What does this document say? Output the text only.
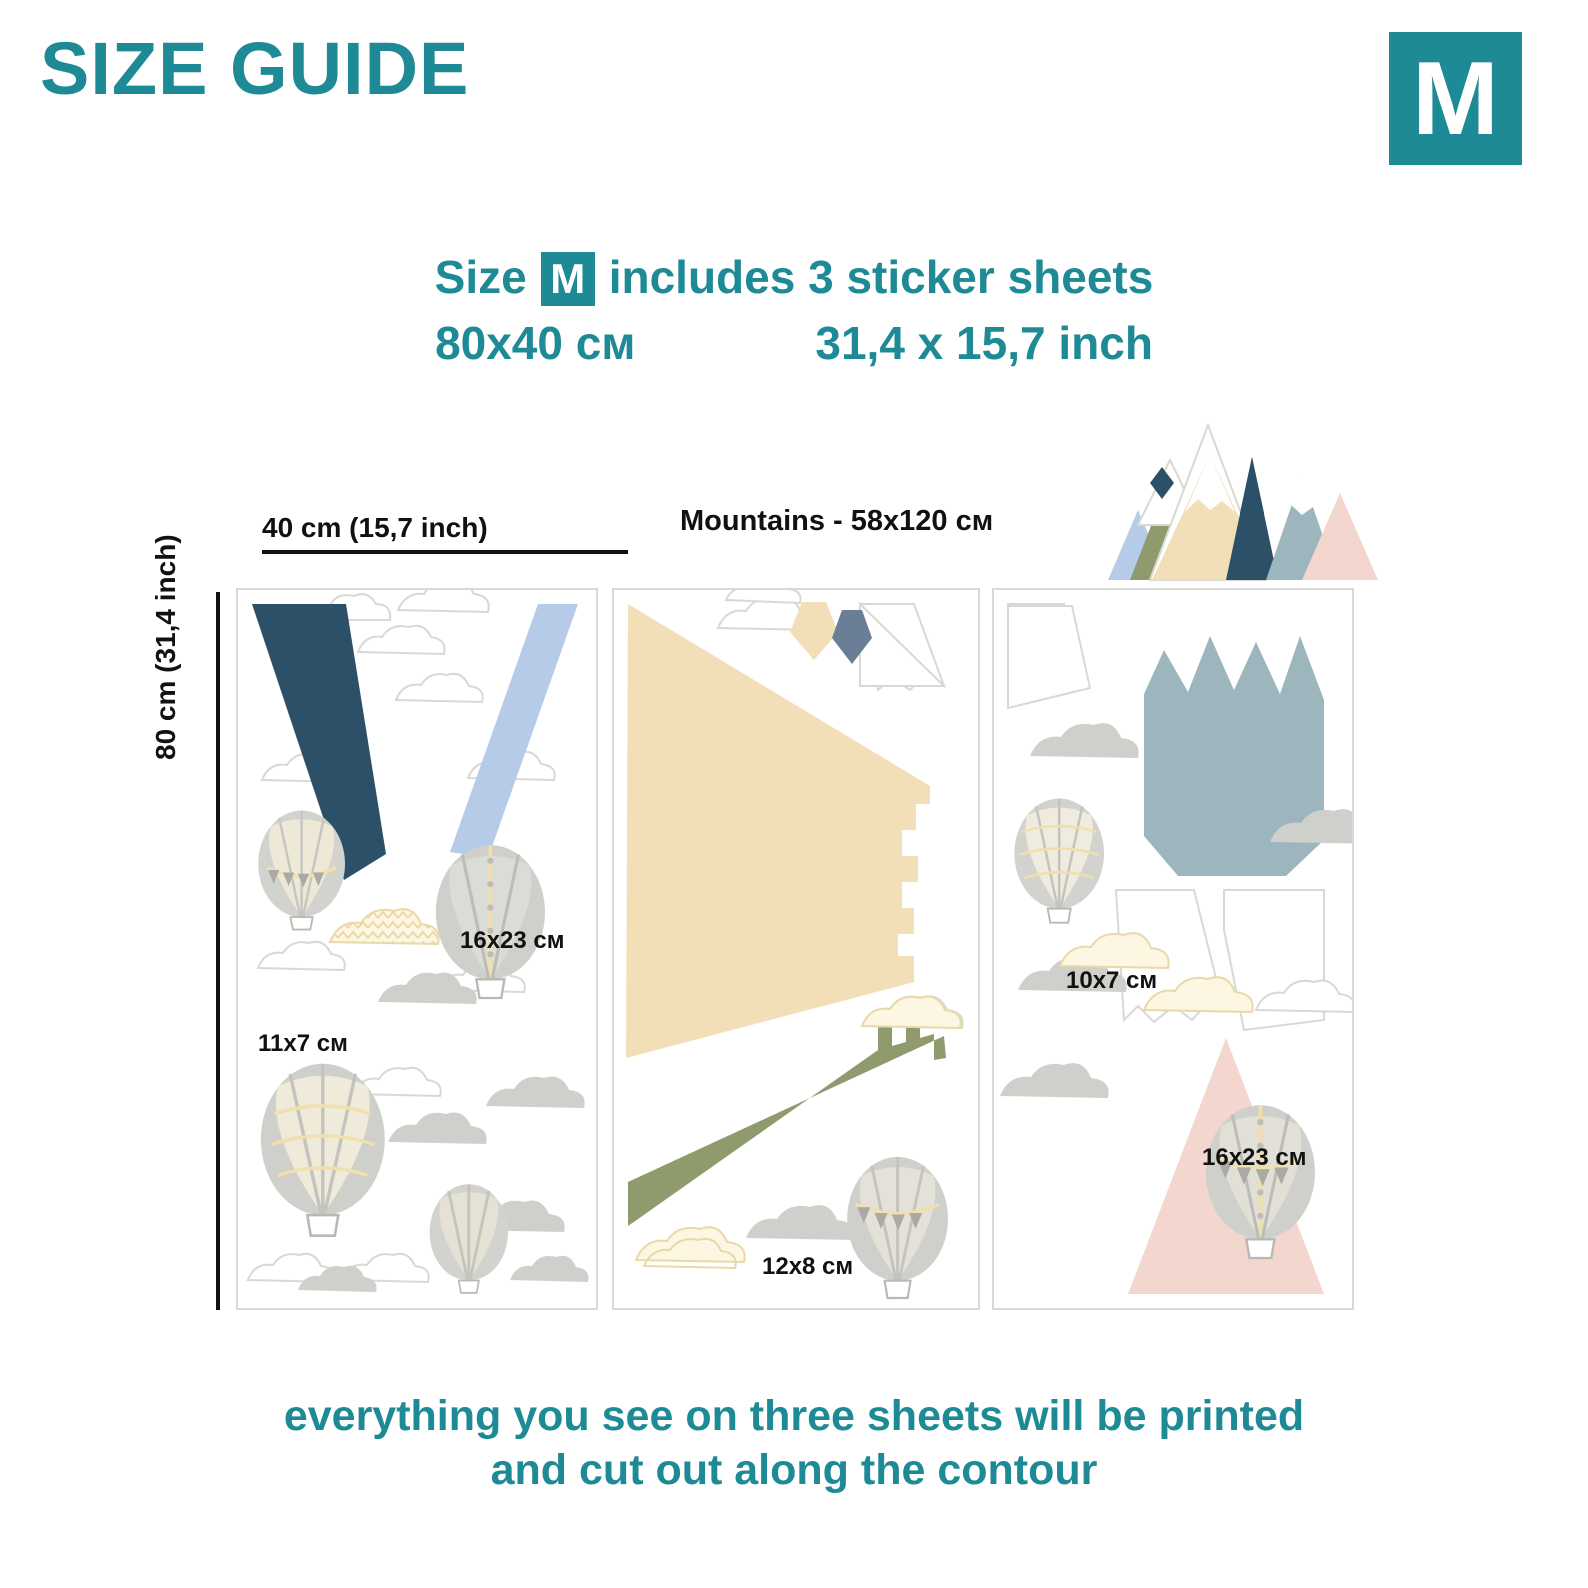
SIZE GUIDE	M
Size M includes 3 sticker sheets
80x40 см	31,4 x 15,7 inch
40 cm (15,7 inch)
80 cm (31,4 inch)
Mountains - 58x120 см
16x23 см
11x7 см
12x8 см
10x7 см
16x23 см
everything you see on three sheets will be printed
and cut out along the contour
